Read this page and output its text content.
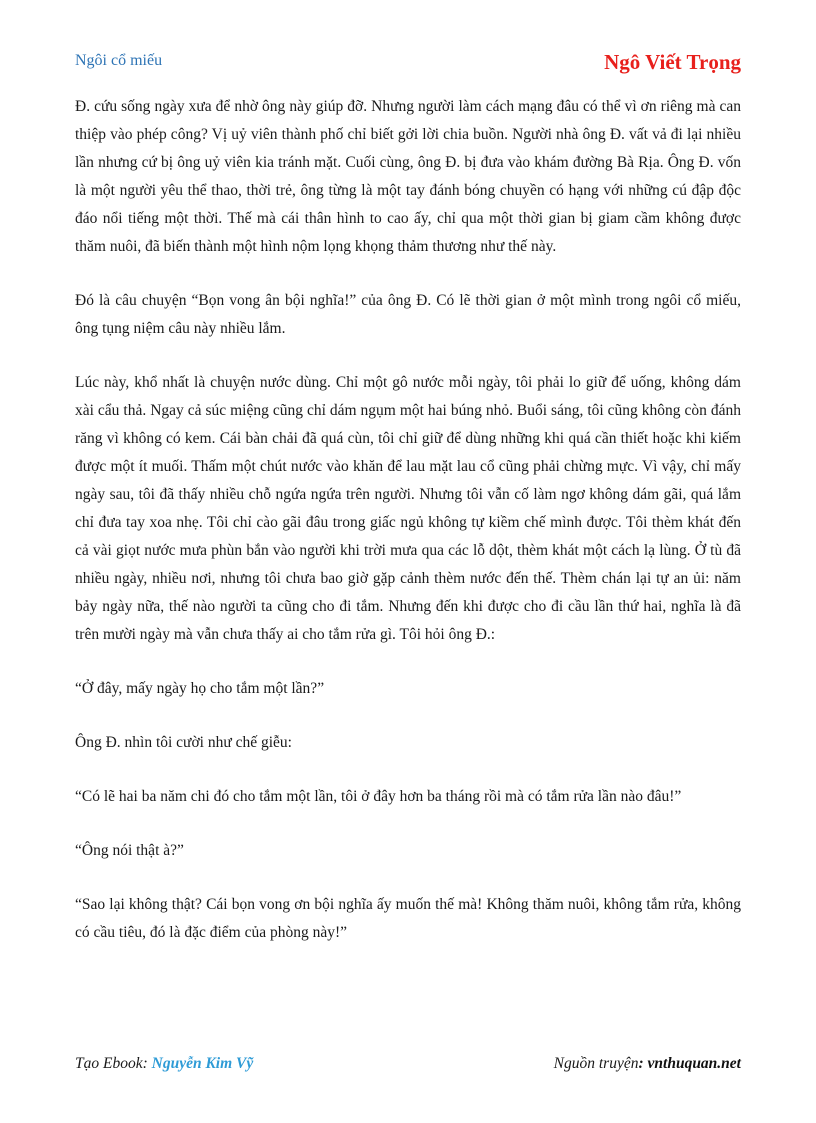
Ngôi cổ miếu	Ngô Viết Trọng

Đ. cứu sống ngày xưa để nhờ ông này giúp đỡ. Nhưng người làm cách mạng đâu có thể vì ơn riêng mà can thiệp vào phép công? Vị uỷ viên thành phố chỉ biết gởi lời chia buồn. Người nhà ông Đ. vất vả đi lại nhiều lần nhưng cứ bị ông uỷ viên kia tránh mặt. Cuối cùng, ông Đ. bị đưa vào khám đường Bà Rịa. Ông Đ. vốn là một người yêu thể thao, thời trẻ, ông từng là một tay đánh bóng chuyền có hạng với những cú đập độc đáo nổi tiếng một thời. Thế mà cái thân hình to cao ấy, chỉ qua một thời gian bị giam cầm không được thăm nuôi, đã biến thành một hình nộm lọng khọng thảm thương như thế này.

Đó là câu chuyện “Bọn vong ân bội nghĩa!” của ông Đ. Có lẽ thời gian ở một mình trong ngôi cổ miếu, ông tụng niệm câu này nhiều lắm.

Lúc này, khổ nhất là chuyện nước dùng. Chỉ một gô nước mỗi ngày, tôi phải lo giữ để uống, không dám xài cẩu thả. Ngay cả súc miệng cũng chỉ dám ngụm một hai búng nhỏ. Buổi sáng, tôi cũng không còn đánh răng vì không có kem. Cái bàn chải đã quá cùn, tôi chỉ giữ để dùng những khi quá cần thiết hoặc khi kiếm được một ít muối. Thấm một chút nước vào khăn để lau mặt lau cổ cũng phải chừng mực. Vì vậy, chỉ mấy ngày sau, tôi đã thấy nhiều chỗ ngứa ngứa trên người. Nhưng tôi vẫn cố làm ngơ không dám gãi, quá lắm chỉ đưa tay xoa nhẹ. Tôi chỉ cào gãi đâu trong giấc ngủ không tự kiềm chế mình được. Tôi thèm khát đến cả vài giọt nước mưa phùn bắn vào người khi trời mưa qua các lỗ dột, thèm khát một cách lạ lùng. Ở tù đã nhiều ngày, nhiều nơi, nhưng tôi chưa bao giờ gặp cảnh thèm nước đến thế. Thèm chán lại tự an ủi: năm bảy ngày nữa, thế nào người ta cũng cho đi tắm. Nhưng đến khi được cho đi cầu lần thứ hai, nghĩa là đã trên mười ngày mà vẫn chưa thấy ai cho tắm rửa gì. Tôi hỏi ông Đ.:

“Ở đây, mấy ngày họ cho tắm một lần?”

Ông Đ. nhìn tôi cười như chế giễu:

“Có lẽ hai ba năm chi đó cho tắm một lần, tôi ở đây hơn ba tháng rồi mà có tắm rửa lần nào đâu!”

“Ông nói thật à?”

“Sao lại không thật? Cái bọn vong ơn bội nghĩa ấy muốn thế mà! Không thăm nuôi, không tắm rửa, không có cầu tiêu, đó là đặc điểm của phòng này!”

Tạo Ebook: Nguyễn Kim Vỹ	Nguồn truyện: vnthuquan.net
